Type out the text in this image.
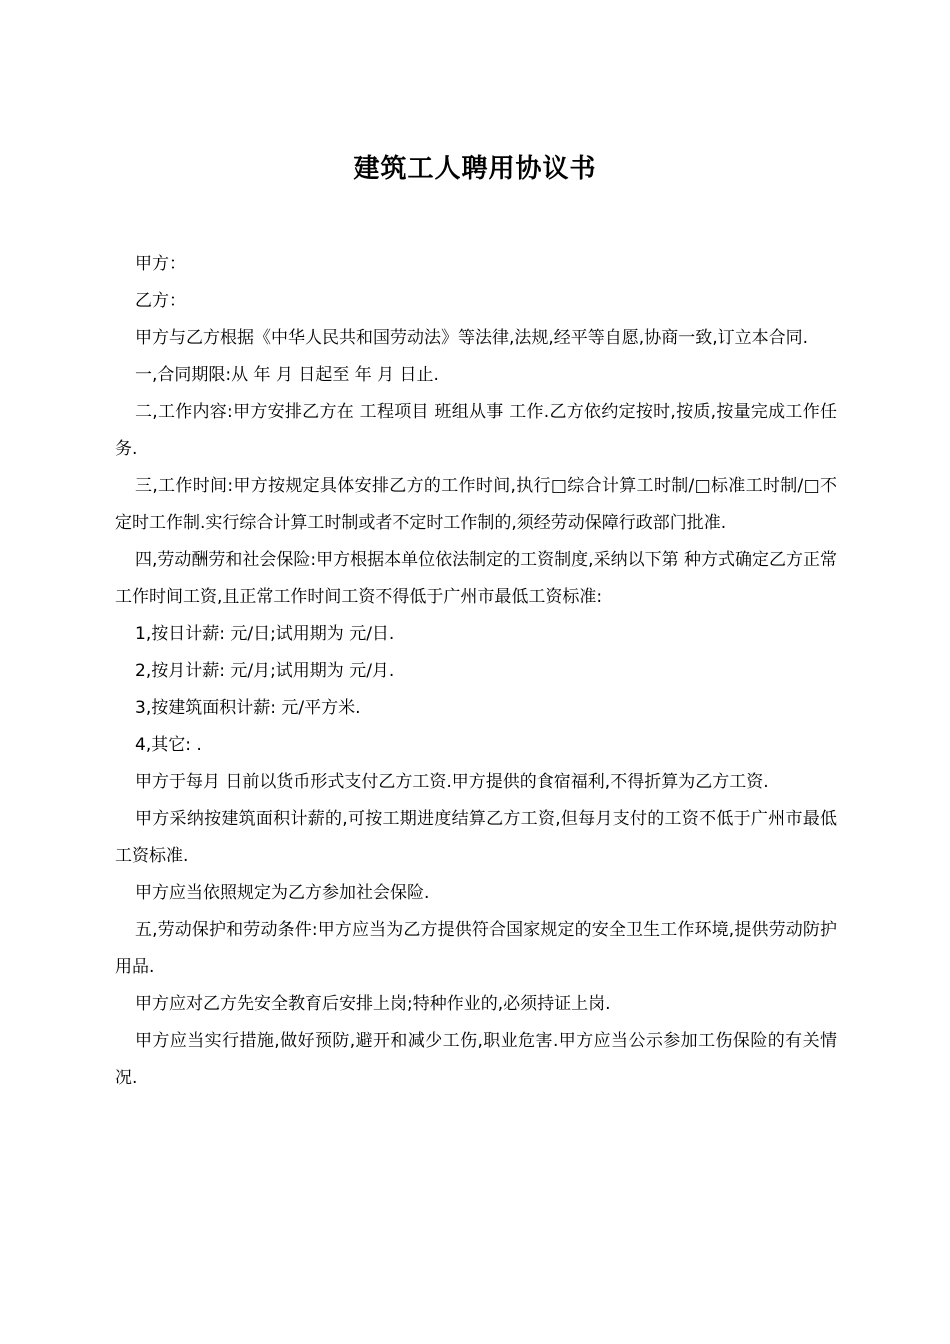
建筑工人聘用协议书

甲方：

乙方：

甲方与乙方根据《中华人民共和国劳动法》等法律,法规,经平等自愿,协商一致,订立本合同.

一,合同期限:从 年 月 日起至 年 月 日止.

二,工作内容:甲方安排乙方在 工程项目 班组从事 工作.乙方依约定按时,按质,按量完成工作任务.

三,工作时间:甲方按规定具体安排乙方的工作时间,执行□综合计算工时制/□标准工时制/□不定时工作制.实行综合计算工时制或者不定时工作制的,须经劳动保障行政部门批准.

四,劳动酬劳和社会保险:甲方根据本单位依法制定的工资制度,采纳以下第 种方式确定乙方正常工作时间工资,且正常工作时间工资不得低于广州市最低工资标准:

1,按日计薪: 元/日;试用期为 元/日.

2,按月计薪: 元/月;试用期为 元/月.

3,按建筑面积计薪: 元/平方米.

4,其它: .

甲方于每月 日前以货币形式支付乙方工资.甲方提供的食宿福利,不得折算为乙方工资.

甲方采纳按建筑面积计薪的,可按工期进度结算乙方工资,但每月支付的工资不低于广州市最低工资标准.

甲方应当依照规定为乙方参加社会保险.

五,劳动保护和劳动条件:甲方应当为乙方提供符合国家规定的安全卫生工作环境,提供劳动防护用品.

甲方应对乙方先安全教育后安排上岗;特种作业的,必须持证上岗.

甲方应当实行措施,做好预防,避开和减少工伤,职业危害.甲方应当公示参加工伤保险的有关情况.
